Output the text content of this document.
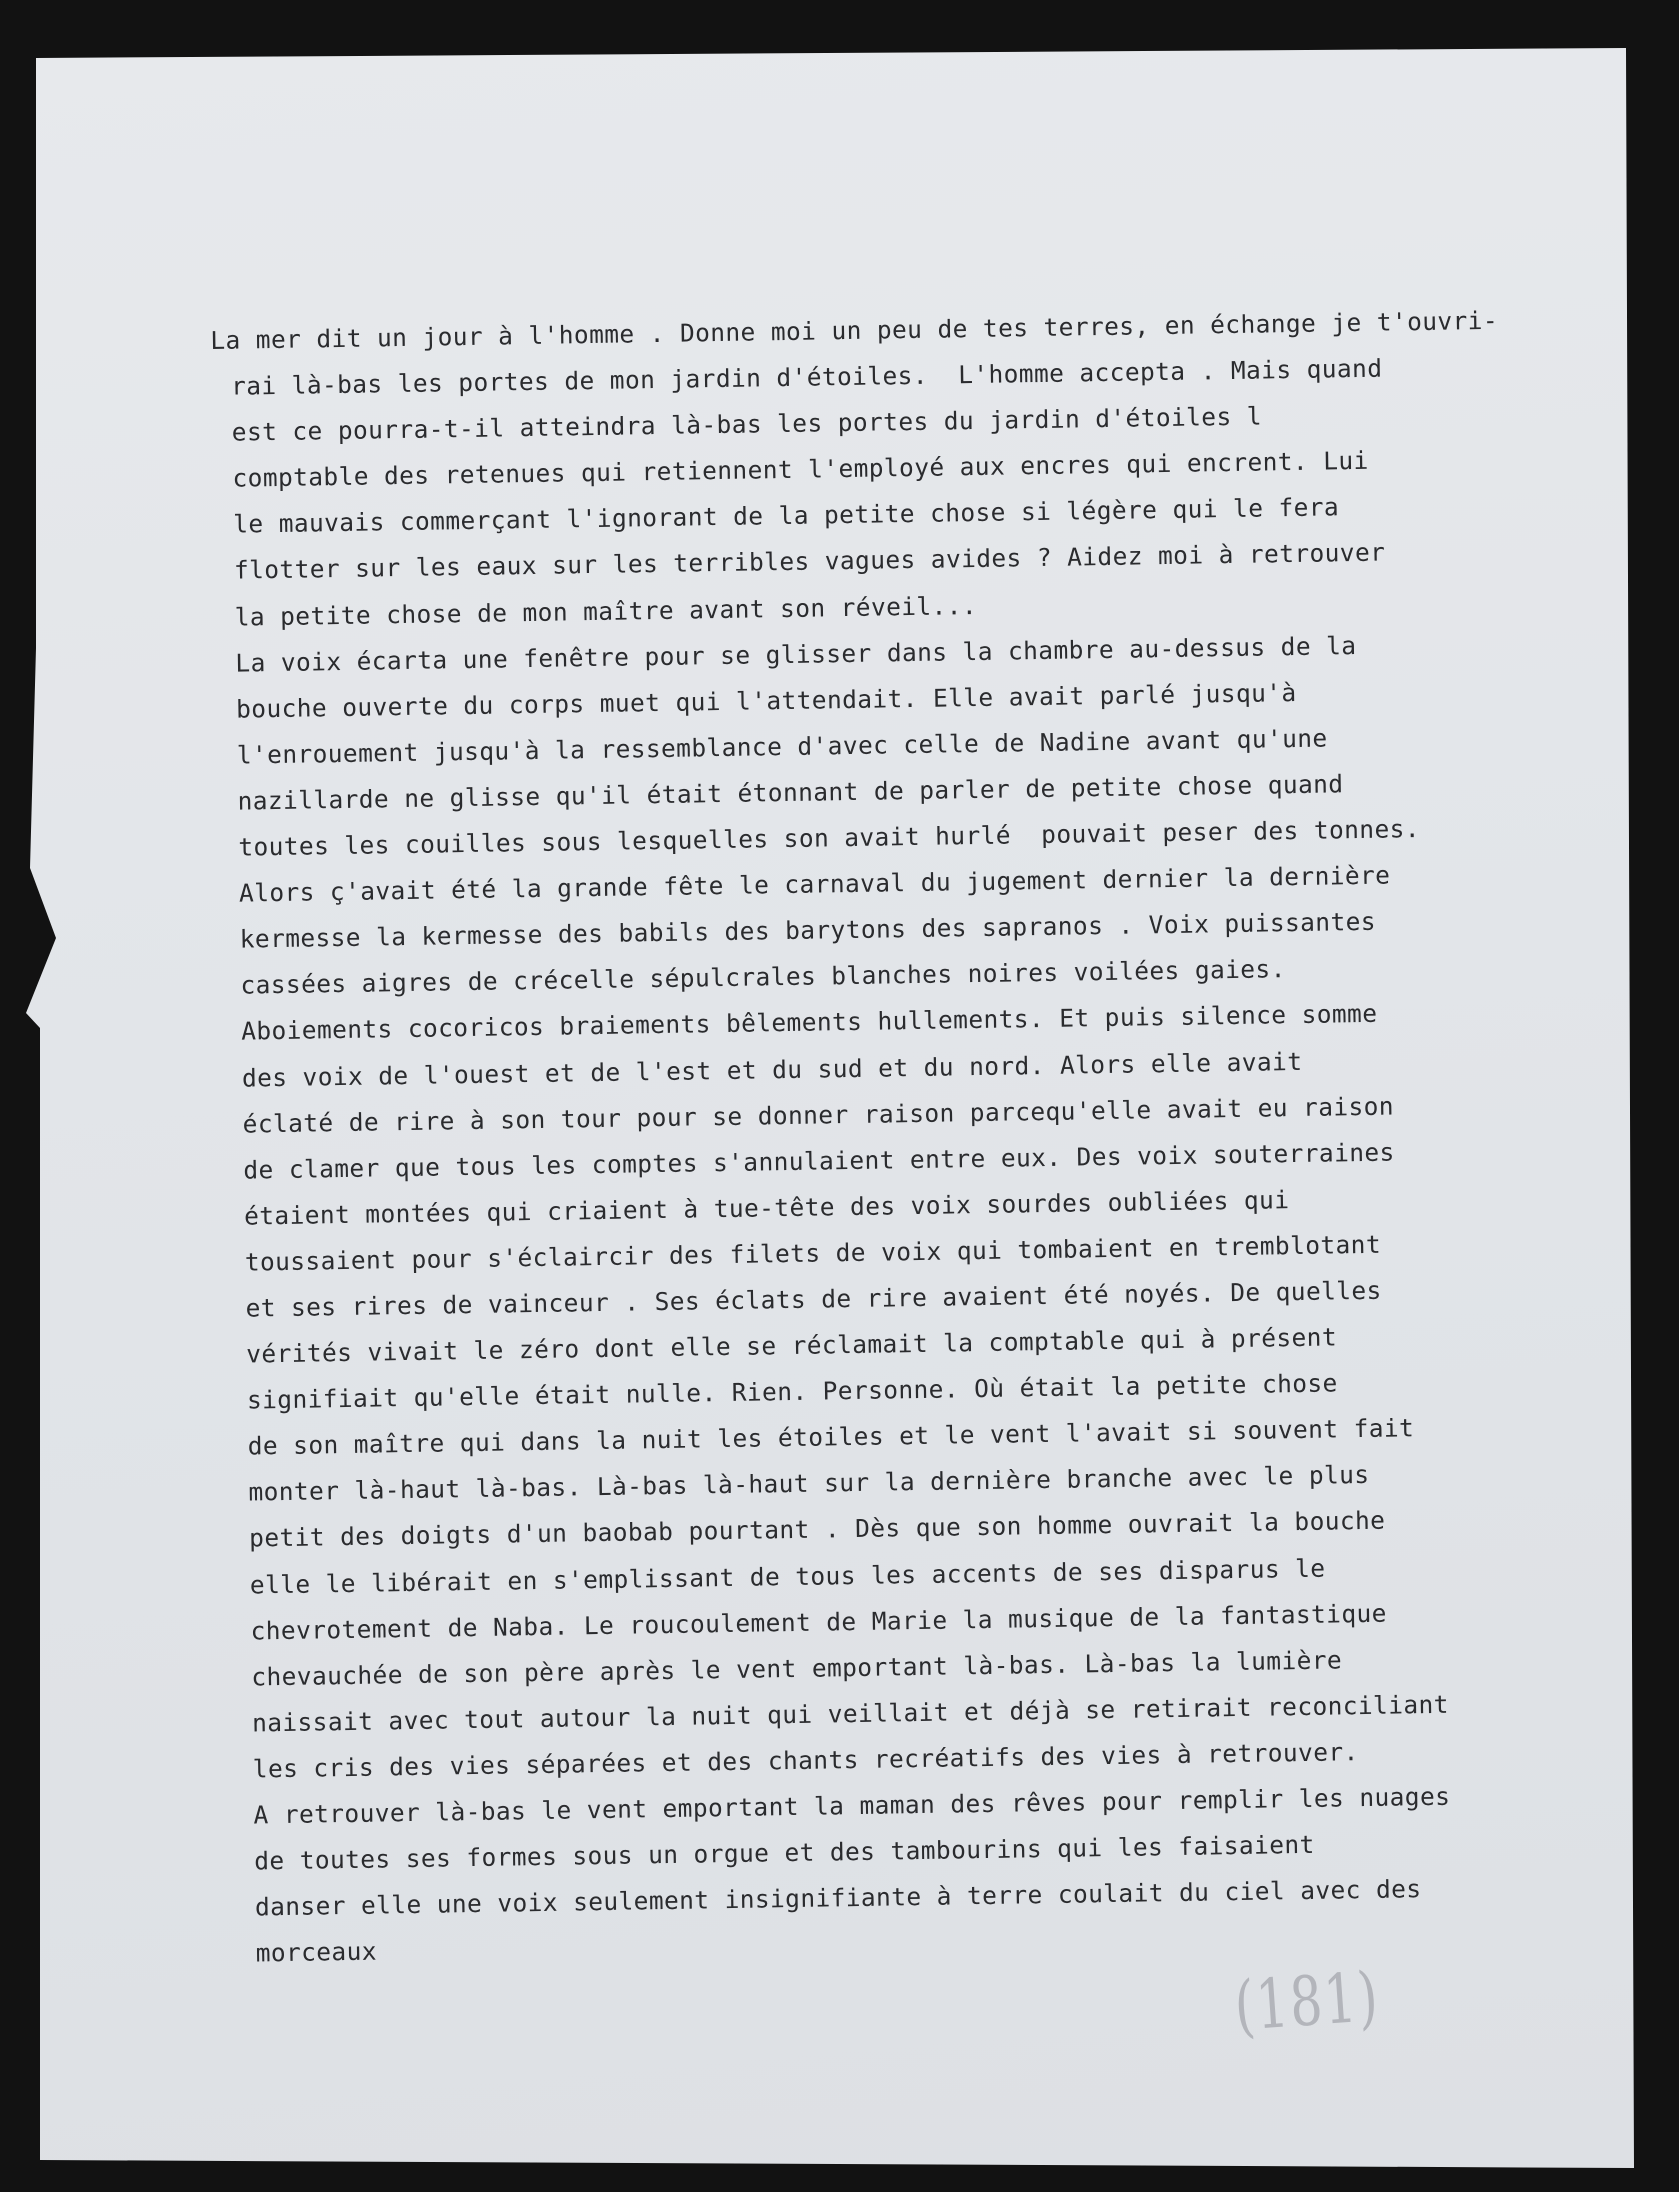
La mer dit un jour à l'homme . Donne moi un peu de tes terres, en échange je t'ouvri-
rai là-bas les portes de mon jardin d'étoiles.  L'homme accepta . Mais quand
est ce pourra-t-il atteindra là-bas les portes du jardin d'étoiles l
comptable des retenues qui retiennent l'employé aux encres qui encrent. Lui
le mauvais commerçant l'ignorant de la petite chose si légère qui le fera
flotter sur les eaux sur les terribles vagues avides ? Aidez moi à retrouver
la petite chose de mon maître avant son réveil...
La voix écarta une fenêtre pour se glisser dans la chambre au-dessus de la
bouche ouverte du corps muet qui l'attendait. Elle avait parlé jusqu'à
l'enrouement jusqu'à la ressemblance d'avec celle de Nadine avant qu'une
nazillarde ne glisse qu'il était étonnant de parler de petite chose quand
toutes les couilles sous lesquelles son avait hurlé  pouvait peser des tonnes.
Alors ç'avait été la grande fête le carnaval du jugement dernier la dernière
kermesse la kermesse des babils des barytons des sapranos . Voix puissantes
cassées aigres de crécelle sépulcrales blanches noires voilées gaies.
Aboiements cocoricos braiements bêlements hullements. Et puis silence somme
des voix de l'ouest et de l'est et du sud et du nord. Alors elle avait
éclaté de rire à son tour pour se donner raison parcequ'elle avait eu raison
de clamer que tous les comptes s'annulaient entre eux. Des voix souterraines
étaient montées qui criaient à tue-tête des voix sourdes oubliées qui
toussaient pour s'éclaircir des filets de voix qui tombaient en tremblotant
et ses rires de vainceur . Ses éclats de rire avaient été noyés. De quelles
vérités vivait le zéro dont elle se réclamait la comptable qui à présent
signifiait qu'elle était nulle. Rien. Personne. Où était la petite chose
de son maître qui dans la nuit les étoiles et le vent l'avait si souvent fait
monter là-haut là-bas. Là-bas là-haut sur la dernière branche avec le plus
petit des doigts d'un baobab pourtant . Dès que son homme ouvrait la bouche
elle le libérait en s'emplissant de tous les accents de ses disparus le
chevrotement de Naba. Le roucoulement de Marie la musique de la fantastique
chevauchée de son père après le vent emportant là-bas. Là-bas la lumière
naissait avec tout autour la nuit qui veillait et déjà se retirait reconciliant
les cris des vies séparées et des chants recréatifs des vies à retrouver.
A retrouver là-bas le vent emportant la maman des rêves pour remplir les nuages
de toutes ses formes sous un orgue et des tambourins qui les faisaient
danser elle une voix seulement insignifiante à terre coulait du ciel avec des
morceaux
(181)
